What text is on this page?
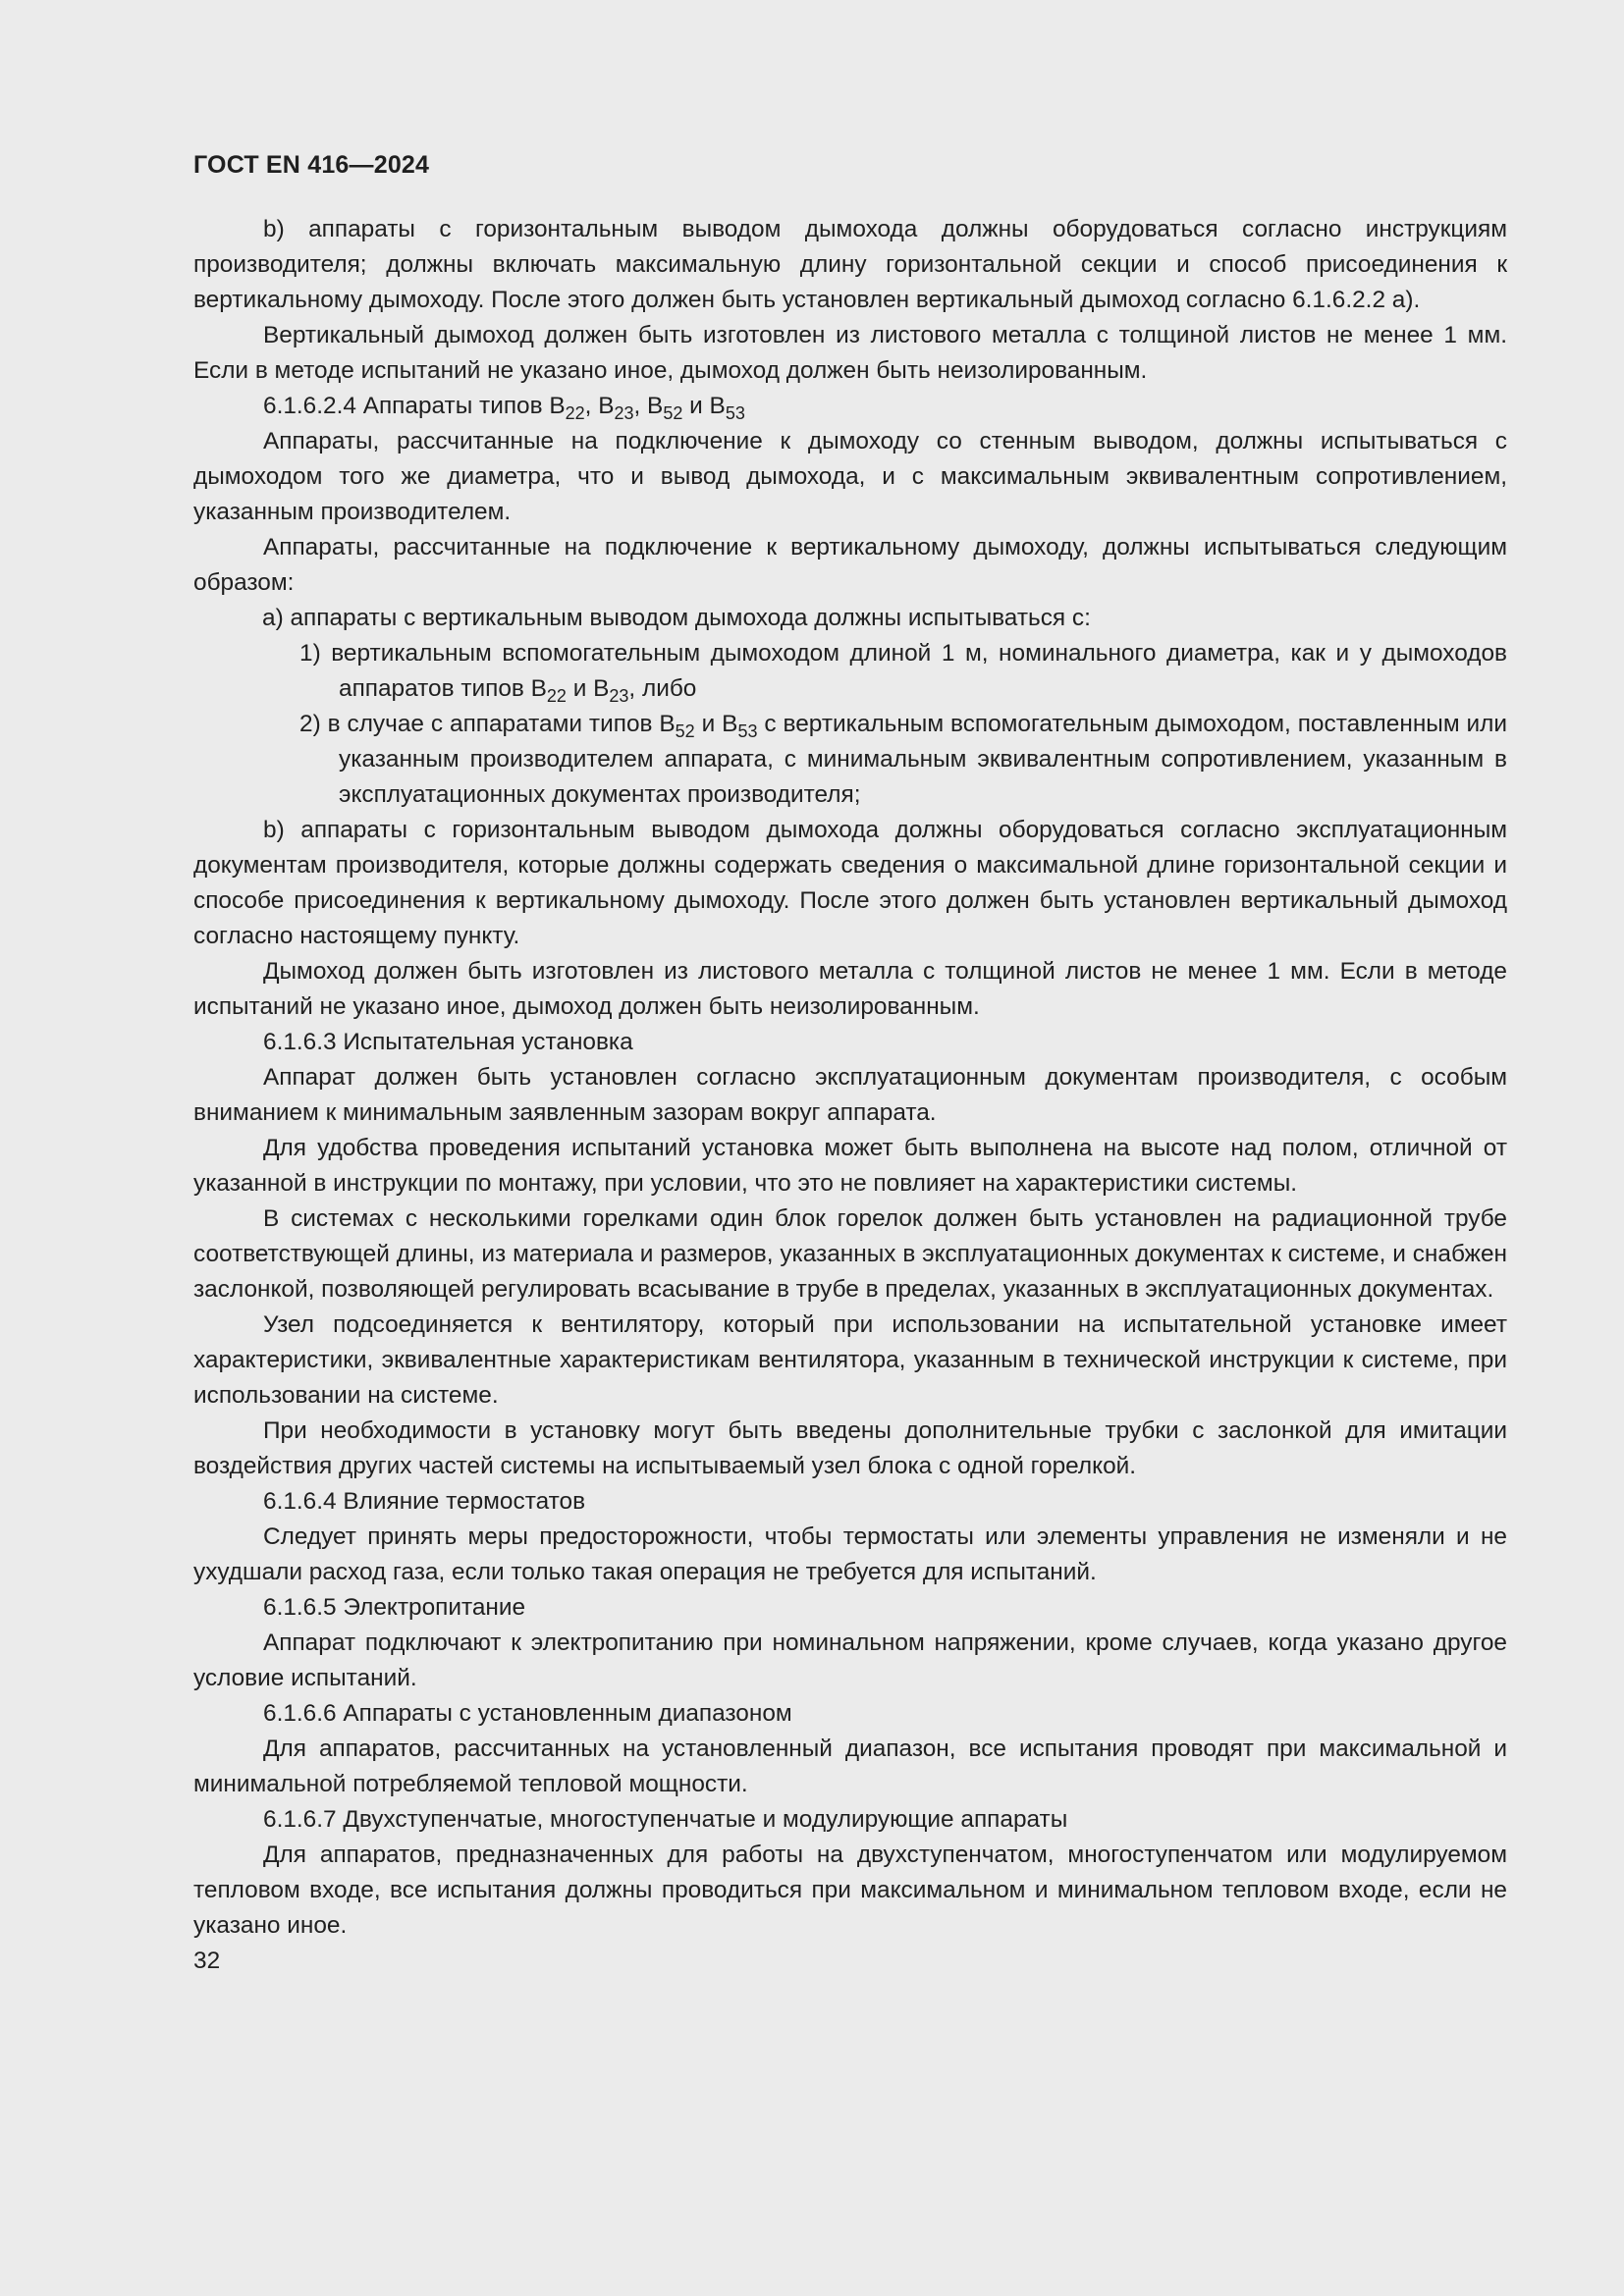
ГОСТ EN 416—2024

b) аппараты с горизонтальным выводом дымохода должны оборудоваться согласно инструкциям производителя; должны включать максимальную длину горизонтальной секции и способ присоединения к вертикальному дымоходу. После этого должен быть установлен вертикальный дымоход согласно 6.1.6.2.2 a).

Вертикальный дымоход должен быть изготовлен из листового металла с толщиной листов не менее 1 мм. Если в методе испытаний не указано иное, дымоход должен быть неизолированным.

6.1.6.2.4 Аппараты типов $B_{22}$, $B_{23}$, $B_{52}$ и $B_{53}$

Аппараты, рассчитанные на подключение к дымоходу со стенным выводом, должны испытываться с дымоходом того же диаметра, что и вывод дымохода, и с максимальным эквивалентным сопротивлением, указанным производителем.

Аппараты, рассчитанные на подключение к вертикальному дымоходу, должны испытываться следующим образом:

a) аппараты с вертикальным выводом дымохода должны испытываться с:

1) вертикальным вспомогательным дымоходом длиной 1 м, номинального диаметра, как и у дымоходов аппаратов типов $B_{22}$ и $B_{23}$, либо

2) в случае с аппаратами типов $B_{52}$ и $B_{53}$ с вертикальным вспомогательным дымоходом, поставленным или указанным производителем аппарата, с минимальным эквивалентным сопротивлением, указанным в эксплуатационных документах производителя;

b) аппараты с горизонтальным выводом дымохода должны оборудоваться согласно эксплуатационным документам производителя, которые должны содержать сведения о максимальной длине горизонтальной секции и способе присоединения к вертикальному дымоходу. После этого должен быть установлен вертикальный дымоход согласно настоящему пункту.

Дымоход должен быть изготовлен из листового металла с толщиной листов не менее 1 мм. Если в методе испытаний не указано иное, дымоход должен быть неизолированным.

6.1.6.3 Испытательная установка

Аппарат должен быть установлен согласно эксплуатационным документам производителя, с особым вниманием к минимальным заявленным зазорам вокруг аппарата.

Для удобства проведения испытаний установка может быть выполнена на высоте над полом, отличной от указанной в инструкции по монтажу, при условии, что это не повлияет на характеристики системы.

В системах с несколькими горелками один блок горелок должен быть установлен на радиационной трубе соответствующей длины, из материала и размеров, указанных в эксплуатационных документах к системе, и снабжен заслонкой, позволяющей регулировать всасывание в трубе в пределах, указанных в эксплуатационных документах.

Узел подсоединяется к вентилятору, который при использовании на испытательной установке имеет характеристики, эквивалентные характеристикам вентилятора, указанным в технической инструкции к системе, при использовании на системе.

При необходимости в установку могут быть введены дополнительные трубки с заслонкой для имитации воздействия других частей системы на испытываемый узел блока с одной горелкой.

6.1.6.4 Влияние термостатов

Следует принять меры предосторожности, чтобы термостаты или элементы управления не изменяли и не ухудшали расход газа, если только такая операция не требуется для испытаний.

6.1.6.5 Электропитание

Аппарат подключают к электропитанию при номинальном напряжении, кроме случаев, когда указано другое условие испытаний.

6.1.6.6 Аппараты с установленным диапазоном

Для аппаратов, рассчитанных на установленный диапазон, все испытания проводят при максимальной и минимальной потребляемой тепловой мощности.

6.1.6.7 Двухступенчатые, многоступенчатые и модулирующие аппараты

Для аппаратов, предназначенных для работы на двухступенчатом, многоступенчатом или модулируемом тепловом входе, все испытания должны проводиться при максимальном и минимальном тепловом входе, если не указано иное.

32
